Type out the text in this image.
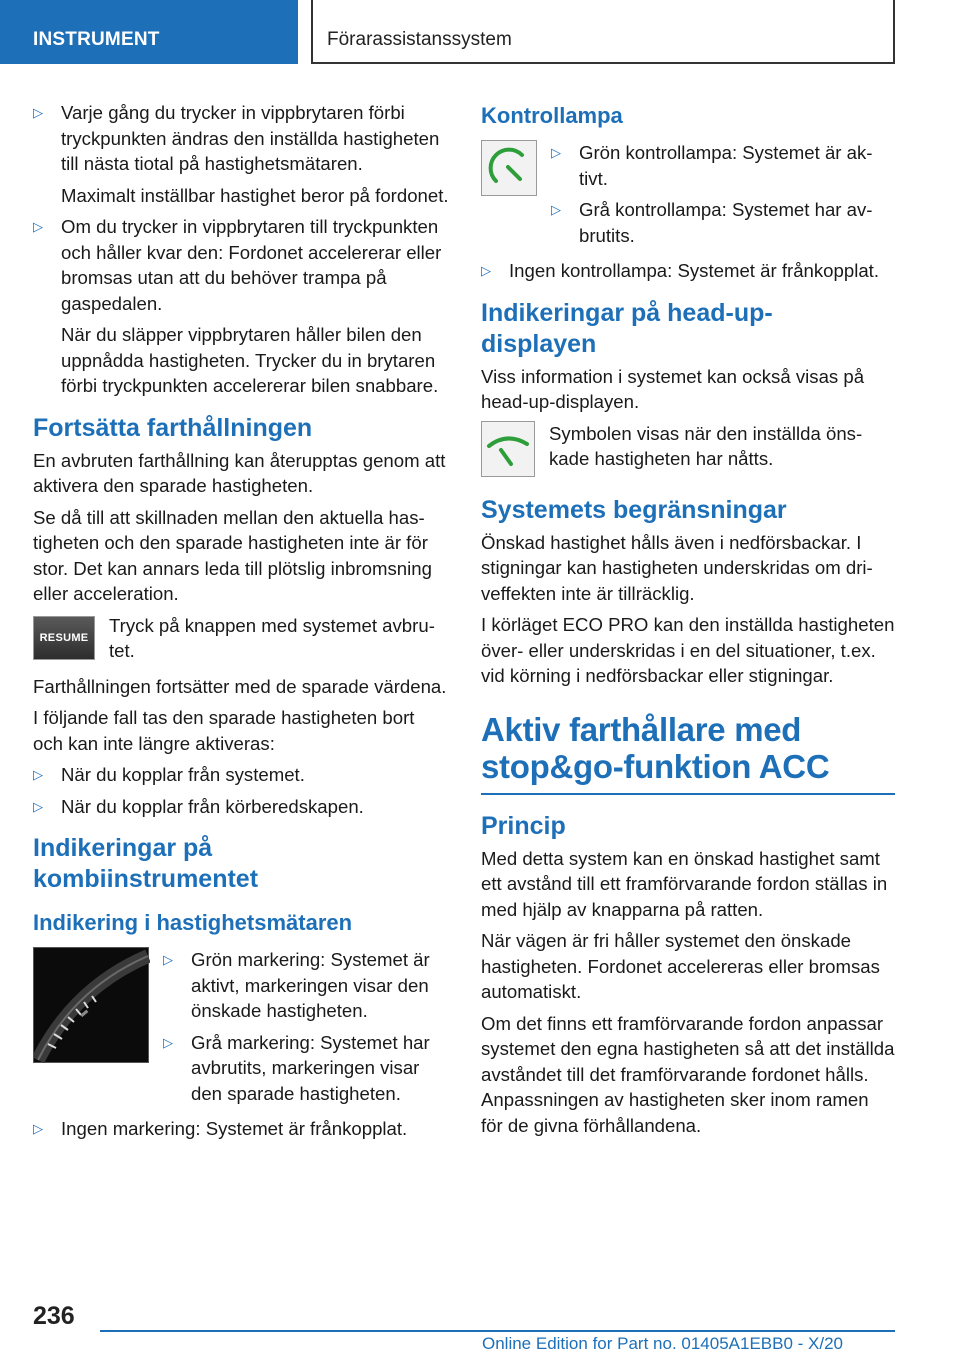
INSTRUMENT	Förarassistanssystem
▷ Varje gång du trycker in vippbrytaren förbi tryckpunkten ändras den inställda hastigheten till nästa tiotal på hastighetsmätaren.

Maximalt inställbar hastighet beror på fordonet.

▷ Om du trycker in vippbrytaren till tryckpunkten och håller kvar den: Fordonet accelererar eller bromsas utan att du behöver trampa på gaspedalen.

När du släpper vippbrytaren håller bilen den uppnådda hastigheten. Trycker du in brytaren förbi tryckpunkten accelererar bilen snabbare.

Fortsätta farthållningen

En avbruten farthållning kan återupptas genom att aktivera den sparade hastigheten.

Se då till att skillnaden mellan den aktuella hastigheten och den sparade hastigheten inte är för stor. Det kan annars leda till plötslig inbromsning eller acceleration.

RESUME
Tryck på knappen med systemet avbrutet.

Farthållningen fortsätter med de sparade värdena.

I följande fall tas den sparade hastigheten bort och kan inte längre aktiveras:

▷ När du kopplar från systemet.
▷ När du kopplar från körberedskapen.
Indikeringar på kombiinstrumentet
Indikering i hastighetsmätaren
▷ Grön markering: Systemet är aktivt, markeringen visar den önskade hastigheten.
▷ Grå markering: Systemet har avbrutits, markeringen visar den sparade hastigheten.
▷ Ingen markering: Systemet är frånkopplat.
Kontrollampa
▷ Grön kontrollampa: Systemet är aktivt.
▷ Grå kontrollampa: Systemet har avbrutits.
▷ Ingen kontrollampa: Systemet är frånkopplat.
Indikeringar på head-up-displayen

Viss information i systemet kan också visas på head-up-displayen.

Symbolen visas när den inställda önskade hastigheten har nåtts.
Systemets begränsningar

Önskad hastighet hålls även i nedförsbackar. I stigningar kan hastigheten underskridas om driveffekten inte är tillräcklig.

I körläget ECO PRO kan den inställda hastigheten över- eller underskridas i en del situationer, t.ex. vid körning i nedförsbackar eller stigningar.

Aktiv farthållare med stop&go-funktion ACC
Princip

Med detta system kan en önskad hastighet samt ett avstånd till ett framförvarande fordon ställas in med hjälp av knapparna på ratten.

När vägen är fri håller systemet den önskade hastigheten. Fordonet accelereras eller bromsas automatiskt.

Om det finns ett framförvarande fordon anpassar systemet den egna hastigheten så att det inställda avståndet till det framförvarande fordonet hålls. Anpassningen av hastigheten sker inom ramen för de givna förhållandena.

236
Online Edition for Part no. 01405A1EBB0 - X/20
